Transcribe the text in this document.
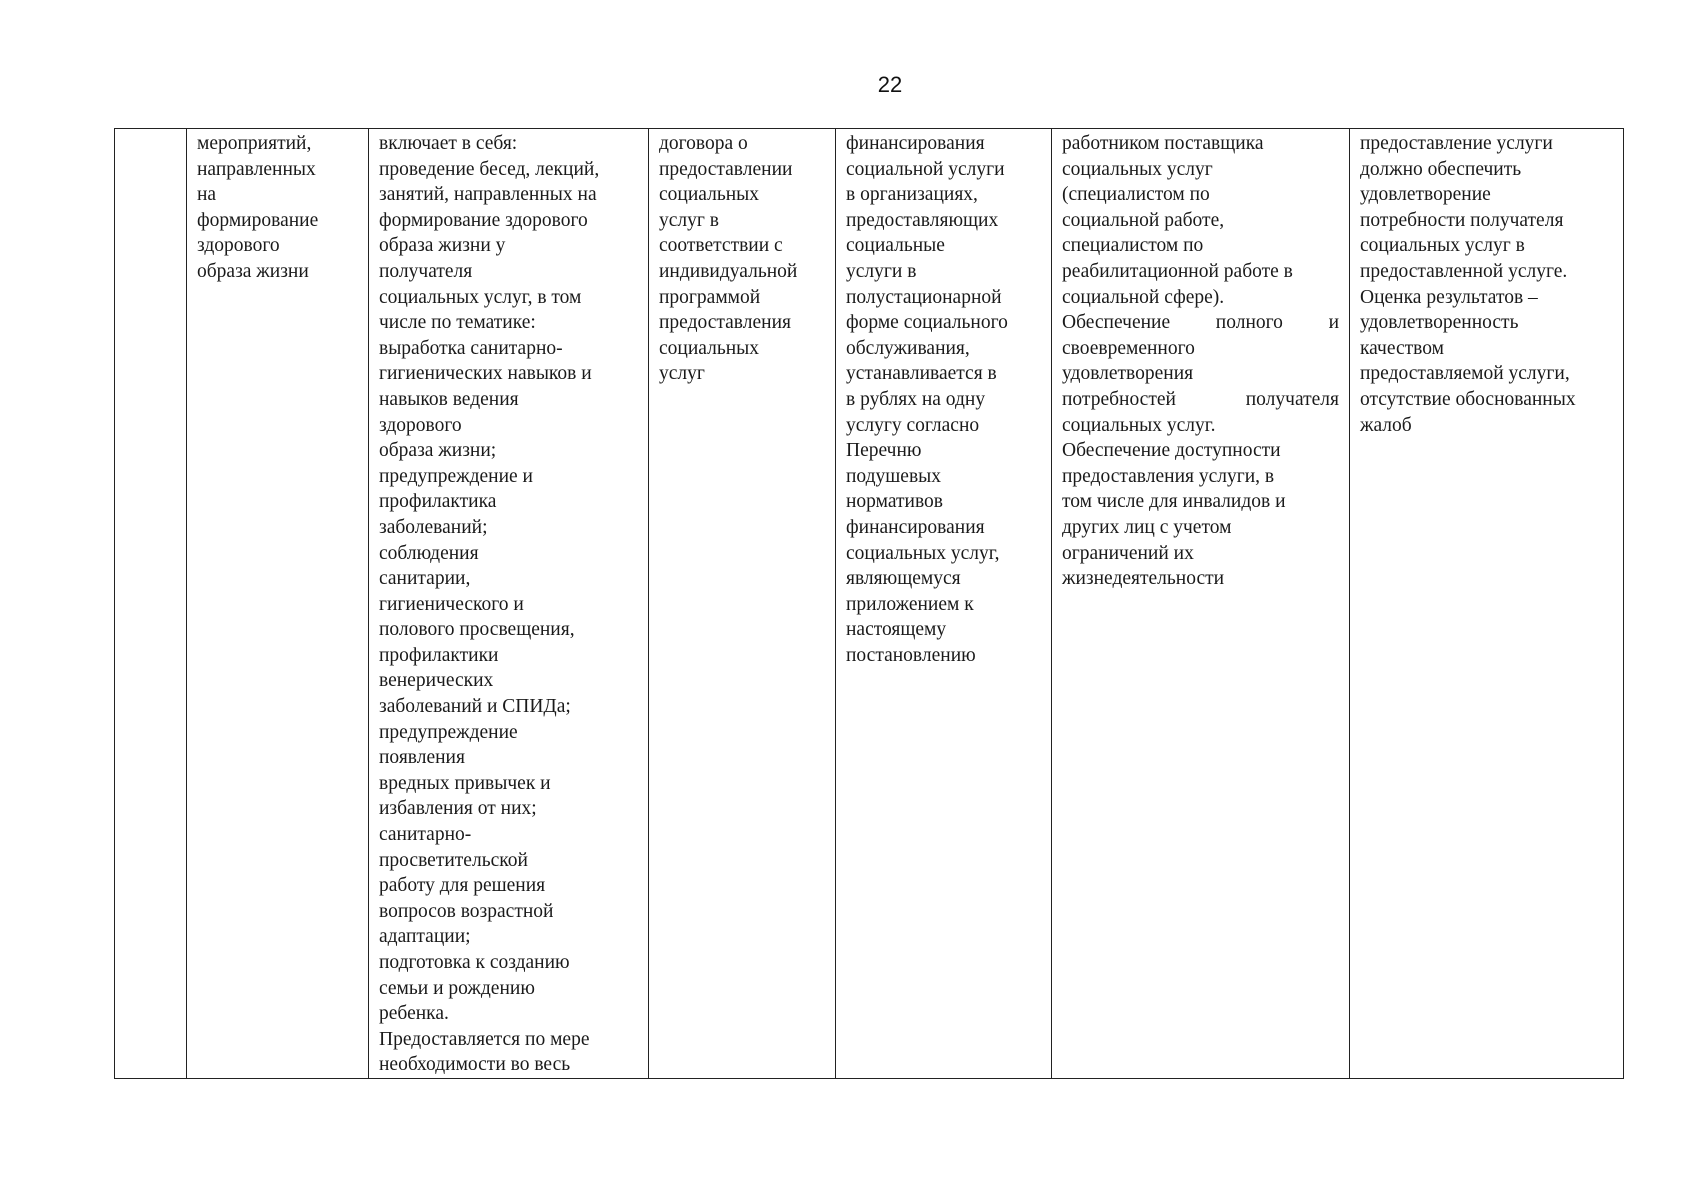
22

мероприятий,
направленных
на
формирование
здорового
образа жизни

включает в себя:
проведение бесед, лекций,
занятий, направленных на
формирование здорового
образа жизни у
получателя
социальных услуг, в том
числе по тематике:
выработка санитарно-
гигиенических навыков и
навыков ведения
здорового
образа жизни;
предупреждение и
профилактика
заболеваний;
соблюдения
санитарии,
гигиенического и
полового просвещения,
профилактики
венерических
заболеваний и СПИДа;
предупреждение
появления
вредных привычек и
избавления от них;
санитарно-
просветительской
работу для решения
вопросов возрастной
адаптации;
подготовка к созданию
семьи и рождению
ребенка.
Предоставляется по мере
необходимости во весь

договора о
предоставлении
социальных
услуг в
соответствии с
индивидуальной
программой
предоставления
социальных
услуг

финансирования
социальной услуги
в организациях,
предоставляющих
социальные
услуги в
полустационарной
форме социального
обслуживания,
устанавливается в
в рублях на одну
услугу согласно
Перечню
подушевых
нормативов
финансирования
социальных услуг,
являющемуся
приложением к
настоящему
постановлению

работником поставщика
социальных услуг
(специалистом по
социальной работе,
специалистом по
реабилитационной работе в
социальной сфере).
Обеспечение полного и
своевременного
удовлетворения
потребностей	получателя
социальных услуг.
Обеспечение доступности
предоставления услуги, в
том числе для инвалидов и
других лиц с учетом
ограничений их
жизнедеятельности

предоставление услуги
должно обеспечить
удовлетворение
потребности получателя
социальных услуг в
предоставленной услуге.
Оценка результатов –
удовлетворенность
качеством
предоставляемой услуги,
отсутствие обоснованных
жалоб
